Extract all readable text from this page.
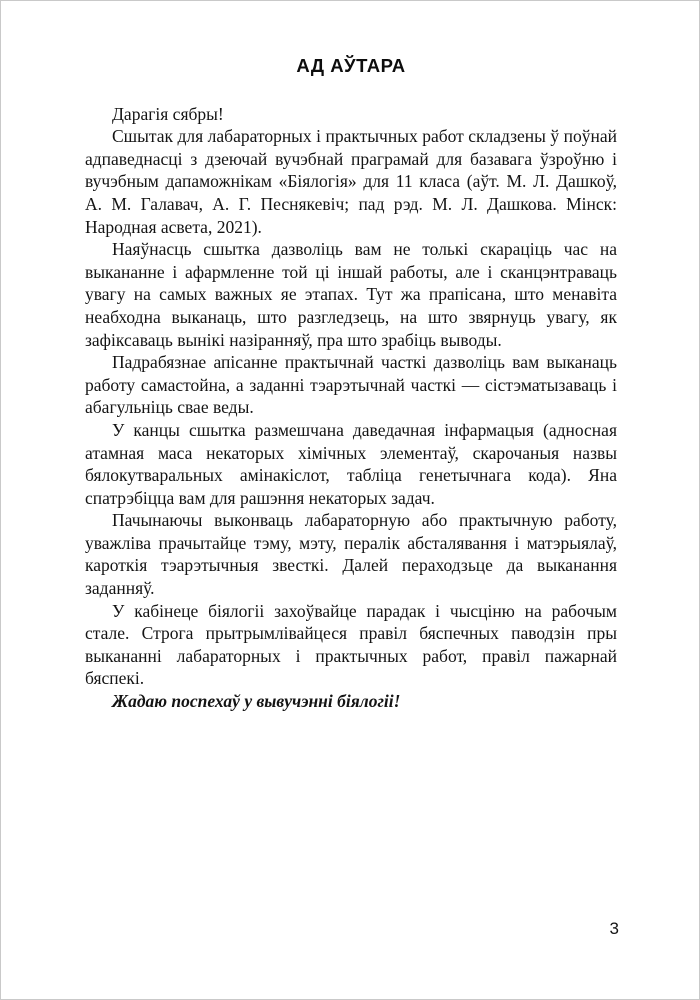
АД АЎТАРА

Дарагія сябры!

Сшытак для лабараторных і практычных работ складзены ў поўнай адпаведнасці з дзеючай вучэбнай праграмай для базавага ўзроўню і вучэбным дапаможнікам «Біялогія» для 11 класа (аўт. М. Л. Дашкоў, А. М. Галавач, А. Г. Песнякевіч; пад рэд. М. Л. Дашкова. Мінск: Народная асвета, 2021).

Наяўнасць сшытка дазволіць вам не толькі скараціць час на выкананне і афармленне той ці іншай работы, але і сканцэнтраваць увагу на самых важных яе этапах. Тут жа прапісана, што менавіта неабходна выканаць, што разгледзець, на што звярнуць увагу, як зафіксаваць вынікі назіранняў, пра што зрабіць выводы.

Падрабязнае апісанне практычнай часткі дазволіць вам выканаць работу самастойна, а заданні тэарэтычнай часткі — сістэматызаваць і абагульніць свае веды.

У канцы сшытка размешчана даведачная інфармацыя (адносная атамная маса некаторых хімічных элементаў, скарочаныя назвы бялокутваральных амінакіслот, табліца генетычнага кода). Яна спатрэбіцца вам для рашэння некаторых задач.

Пачынаючы выконваць лабараторную або практычную работу, уважліва прачытайце тэму, мэту, пералік абсталявання і матэрыялаў, кароткія тэарэтычныя звесткі. Далей пераходзьце да выканання заданняў.

У кабінеце біялогіі захоўвайце парадак і чысціню на рабочым стале. Строга прытрымлівайцеся правіл бяспечных паводзін пры выкананні лабараторных і практычных работ, правіл пажарнай бяспекі.

Жадаю поспехаў у вывучэнні біялогіі!

3
